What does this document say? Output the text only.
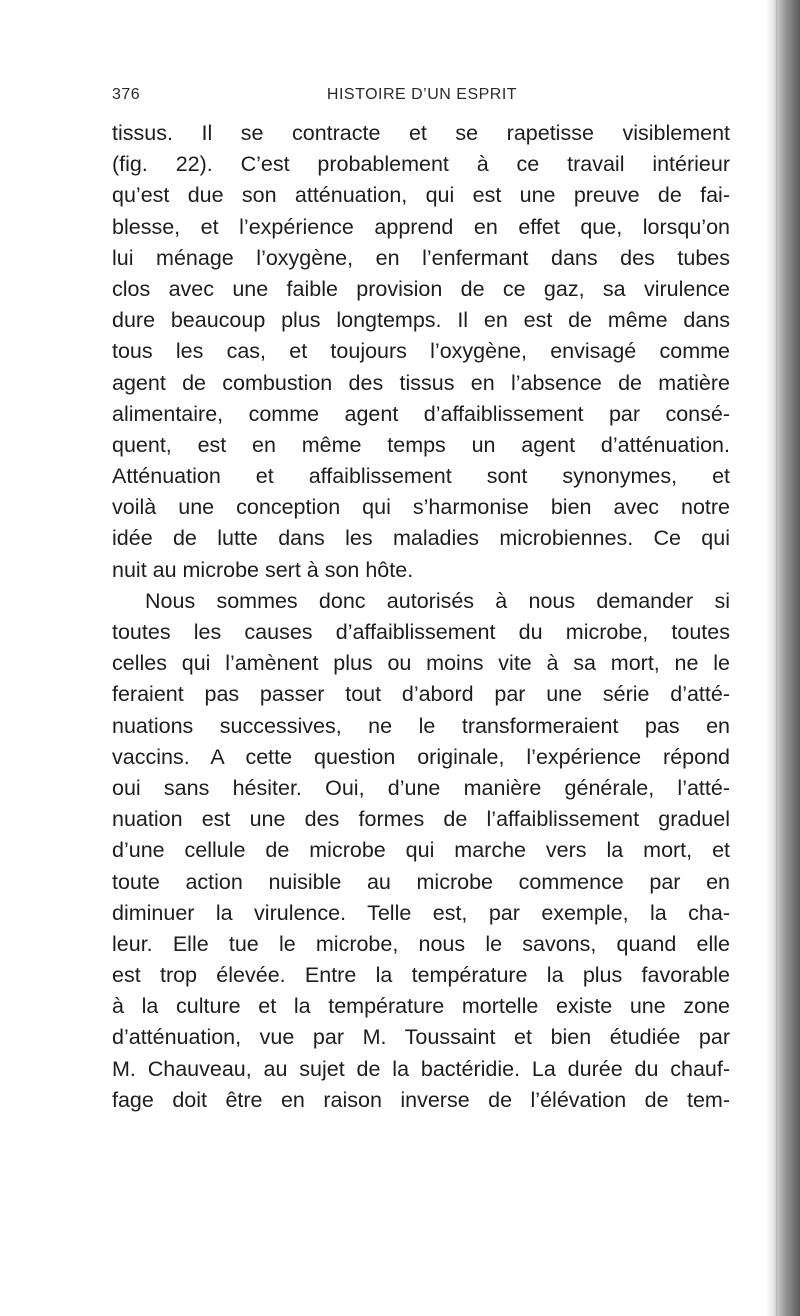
376	HISTOIRE D’UN ESPRIT
tissus. Il se contracte et se rapetisse visiblement
(fig. 22). C’est probablement à ce travail intérieur
qu’est due son atténuation, qui est une preuve de fai-
blesse, et l’expérience apprend en effet que, lorsqu’on
lui ménage l’oxygène, en l’enfermant dans des tubes
clos avec une faible provision de ce gaz, sa virulence
dure beaucoup plus longtemps. Il en est de même dans
tous les cas, et toujours l’oxygène, envisagé comme
agent de combustion des tissus en l’absence de matière
alimentaire, comme agent d’affaiblissement par consé-
quent, est en même temps un agent d’atténuation.
Atténuation et affaiblissement sont synonymes, et
voilà une conception qui s’harmonise bien avec notre
idée de lutte dans les maladies microbiennes. Ce qui
nuit au microbe sert à son hôte.
Nous sommes donc autorisés à nous demander si
toutes les causes d’affaiblissement du microbe, toutes
celles qui l’amènent plus ou moins vite à sa mort, ne le
feraient pas passer tout d’abord par une série d’atté-
nuations successives, ne le transformeraient pas en
vaccins. A cette question originale, l’expérience répond
oui sans hésiter. Oui, d’une manière générale, l’atté-
nuation est une des formes de l’affaiblissement graduel
d’une cellule de microbe qui marche vers la mort, et
toute action nuisible au microbe commence par en
diminuer la virulence. Telle est, par exemple, la cha-
leur. Elle tue le microbe, nous le savons, quand elle
est trop élevée. Entre la température la plus favorable
à la culture et la température mortelle existe une zone
d’atténuation, vue par M. Toussaint et bien étudiée par
M. Chauveau, au sujet de la bactéridie. La durée du chauf-
fage doit être en raison inverse de l’élévation de tem-
